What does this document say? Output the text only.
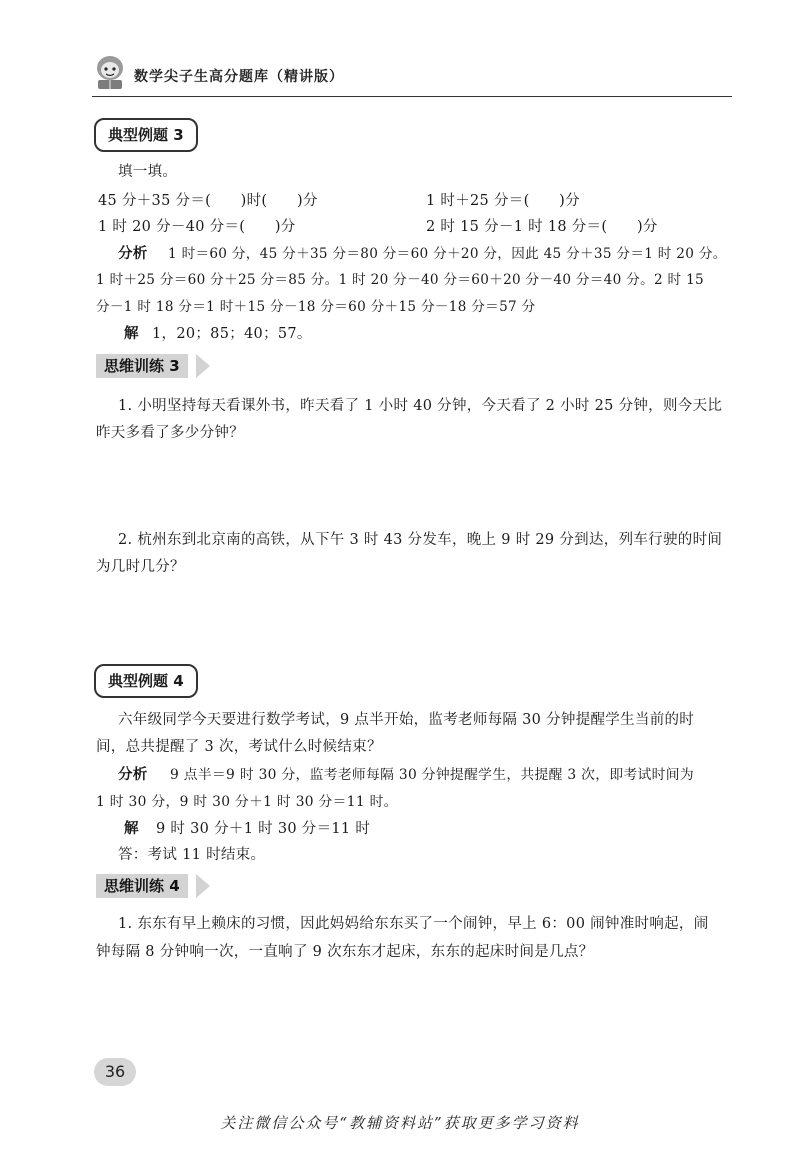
数学尖子生高分题库（精讲版）
典型例题 3
填一填。
45 分＋35 分＝(　　)时(　　)分	1 时＋25 分＝(　　)分
1 时 20 分－40 分＝(　　)分	2 时 15 分－1 时 18 分＝(　　)分
分析 1 时＝60 分，45 分＋35 分＝80 分＝60 分＋20 分，因此 45 分＋35 分＝1 时 20 分。
1 时＋25 分＝60 分＋25 分＝85 分。1 时 20 分－40 分＝60＋20 分－40 分＝40 分。2 时 15
分－1 时 18 分＝1 时＋15 分－18 分＝60 分＋15 分－18 分＝57 分
解 1，20；85；40；57。
思维训练 3
1. 小明坚持每天看课外书，昨天看了 1 小时 40 分钟，今天看了 2 小时 25 分钟，则今天比
昨天多看了多少分钟？
2. 杭州东到北京南的高铁，从下午 3 时 43 分发车，晚上 9 时 29 分到达，列车行驶的时间
为几时几分？
典型例题 4
六年级同学今天要进行数学考试，9 点半开始，监考老师每隔 30 分钟提醒学生当前的时
间，总共提醒了 3 次，考试什么时候结束？
分析 9 点半＝9 时 30 分，监考老师每隔 30 分钟提醒学生，共提醒 3 次，即考试时间为
1 时 30 分，9 时 30 分＋1 时 30 分＝11 时。
解 9 时 30 分＋1 时 30 分＝11 时
答：考试 11 时结束。
思维训练 4
1. 东东有早上赖床的习惯，因此妈妈给东东买了一个闹钟，早上 6：00 闹钟准时响起，闹
钟每隔 8 分钟响一次，一直响了 9 次东东才起床，东东的起床时间是几点？
36
关注微信公众号“教辅资料站”获取更多学习资料
